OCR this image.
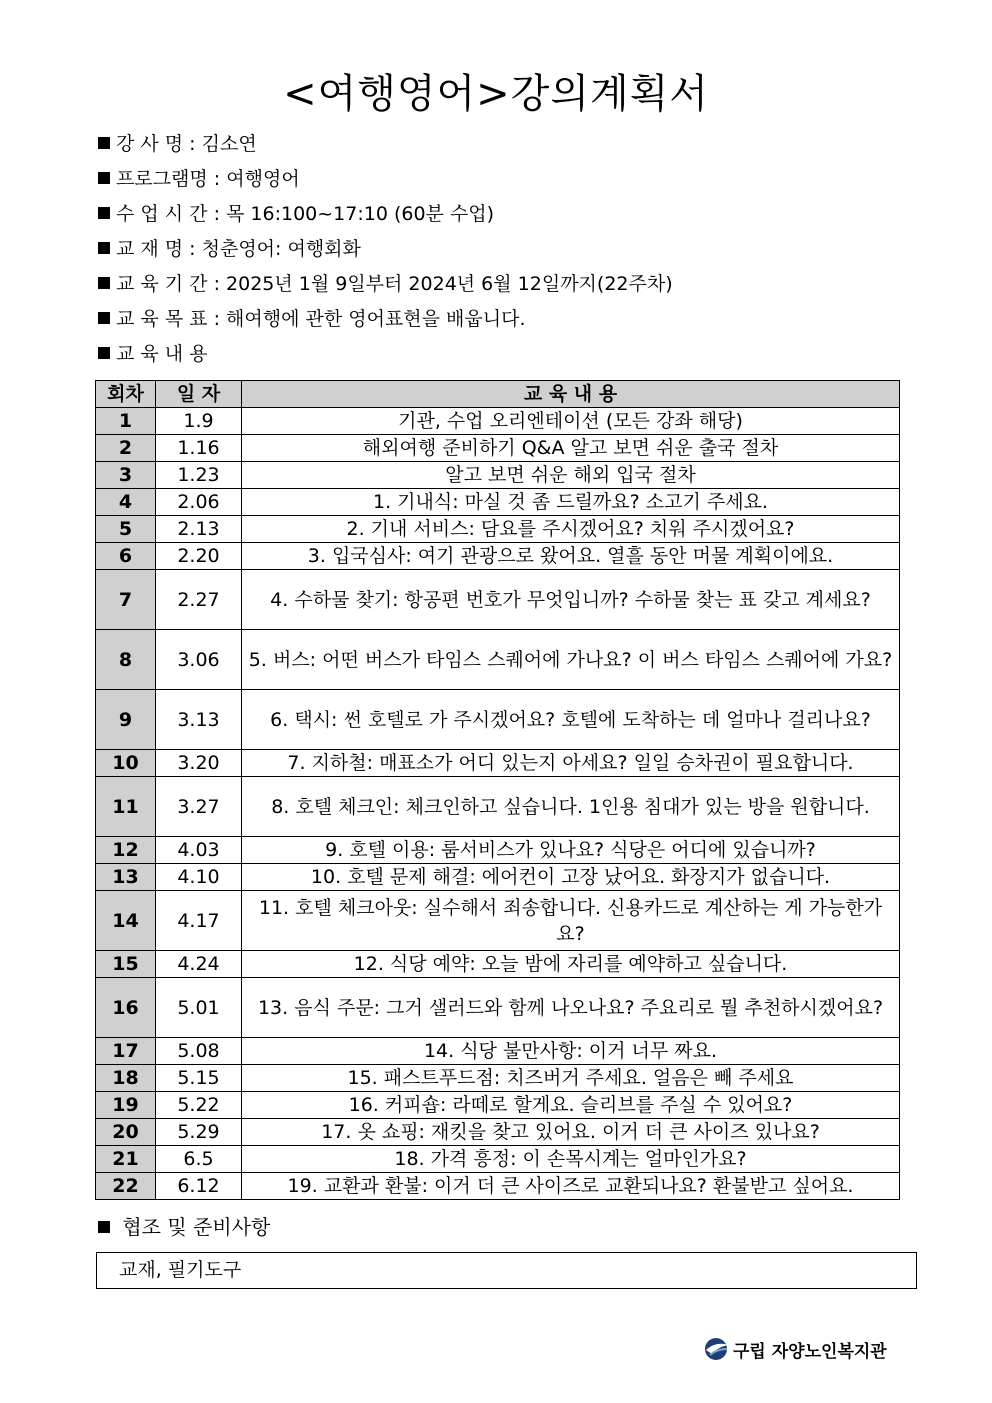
<여행영어>강의계획서
강 사 명 : 김소연
프로그램명 : 여행영어
수 업 시 간 : 목 16:100~17:10 (60분 수업)
교 재 명 : 청춘영어: 여행회화
교 육 기 간 : 2025년 1월 9일부터 2024년 6월 12일까지(22주차)
교 육 목 표 : 해여행에 관한 영어표현을 배웁니다.
교 육 내 용
회차	일 자	교 육 내 용
1	1.9	기관, 수업 오리엔테이션 (모든 강좌 해당)
2	1.16	해외여행 준비하기 Q&A 알고 보면 쉬운 출국 절차
3	1.23	알고 보면 쉬운 해외 입국 절차
4	2.06	1. 기내식: 마실 것 좀 드릴까요? 소고기 주세요.
5	2.13	2. 기내 서비스: 담요를 주시겠어요? 치워 주시겠어요?
6	2.20	3. 입국심사: 여기 관광으로 왔어요. 열흘 동안 머물 계획이에요.
7	2.27	4. 수하물 찾기: 항공편 번호가 무엇입니까? 수하물 찾는 표 갖고 계세요?
8	3.06	5. 버스: 어떤 버스가 타임스 스퀘어에 가나요? 이 버스 타임스 스퀘어에 가요?
9	3.13	6. 택시: 썬 호텔로 가 주시겠어요? 호텔에 도착하는 데 얼마나 걸리나요?
10	3.20	7. 지하철: 매표소가 어디 있는지 아세요? 일일 승차권이 필요합니다.
11	3.27	8. 호텔 체크인: 체크인하고 싶습니다. 1인용 침대가 있는 방을 원합니다.
12	4.03	9. 호텔 이용: 룸서비스가 있나요? 식당은 어디에 있습니까?
13	4.10	10. 호텔 문제 해결: 에어컨이 고장 났어요. 화장지가 없습니다.
14	4.17	11. 호텔 체크아웃: 실수해서 죄송합니다. 신용카드로 계산하는 게 가능한가요?
15	4.24	12. 식당 예약: 오늘 밤에 자리를 예약하고 싶습니다.
16	5.01	13. 음식 주문: 그거 샐러드와 함께 나오나요? 주요리로 뭘 추천하시겠어요?
17	5.08	14. 식당 불만사항: 이거 너무 짜요.
18	5.15	15. 패스트푸드점: 치즈버거 주세요. 얼음은 빼 주세요
19	5.22	16. 커피숍: 라떼로 할게요. 슬리브를 주실 수 있어요?
20	5.29	17. 옷 쇼핑: 재킷을 찾고 있어요. 이거 더 큰 사이즈 있나요?
21	6.5	18. 가격 흥정: 이 손목시계는 얼마인가요?
22	6.12	19. 교환과 환불: 이거 더 큰 사이즈로 교환되나요? 환불받고 싶어요.
협조 및 준비사항
교재, 필기도구
구립 자양노인복지관
